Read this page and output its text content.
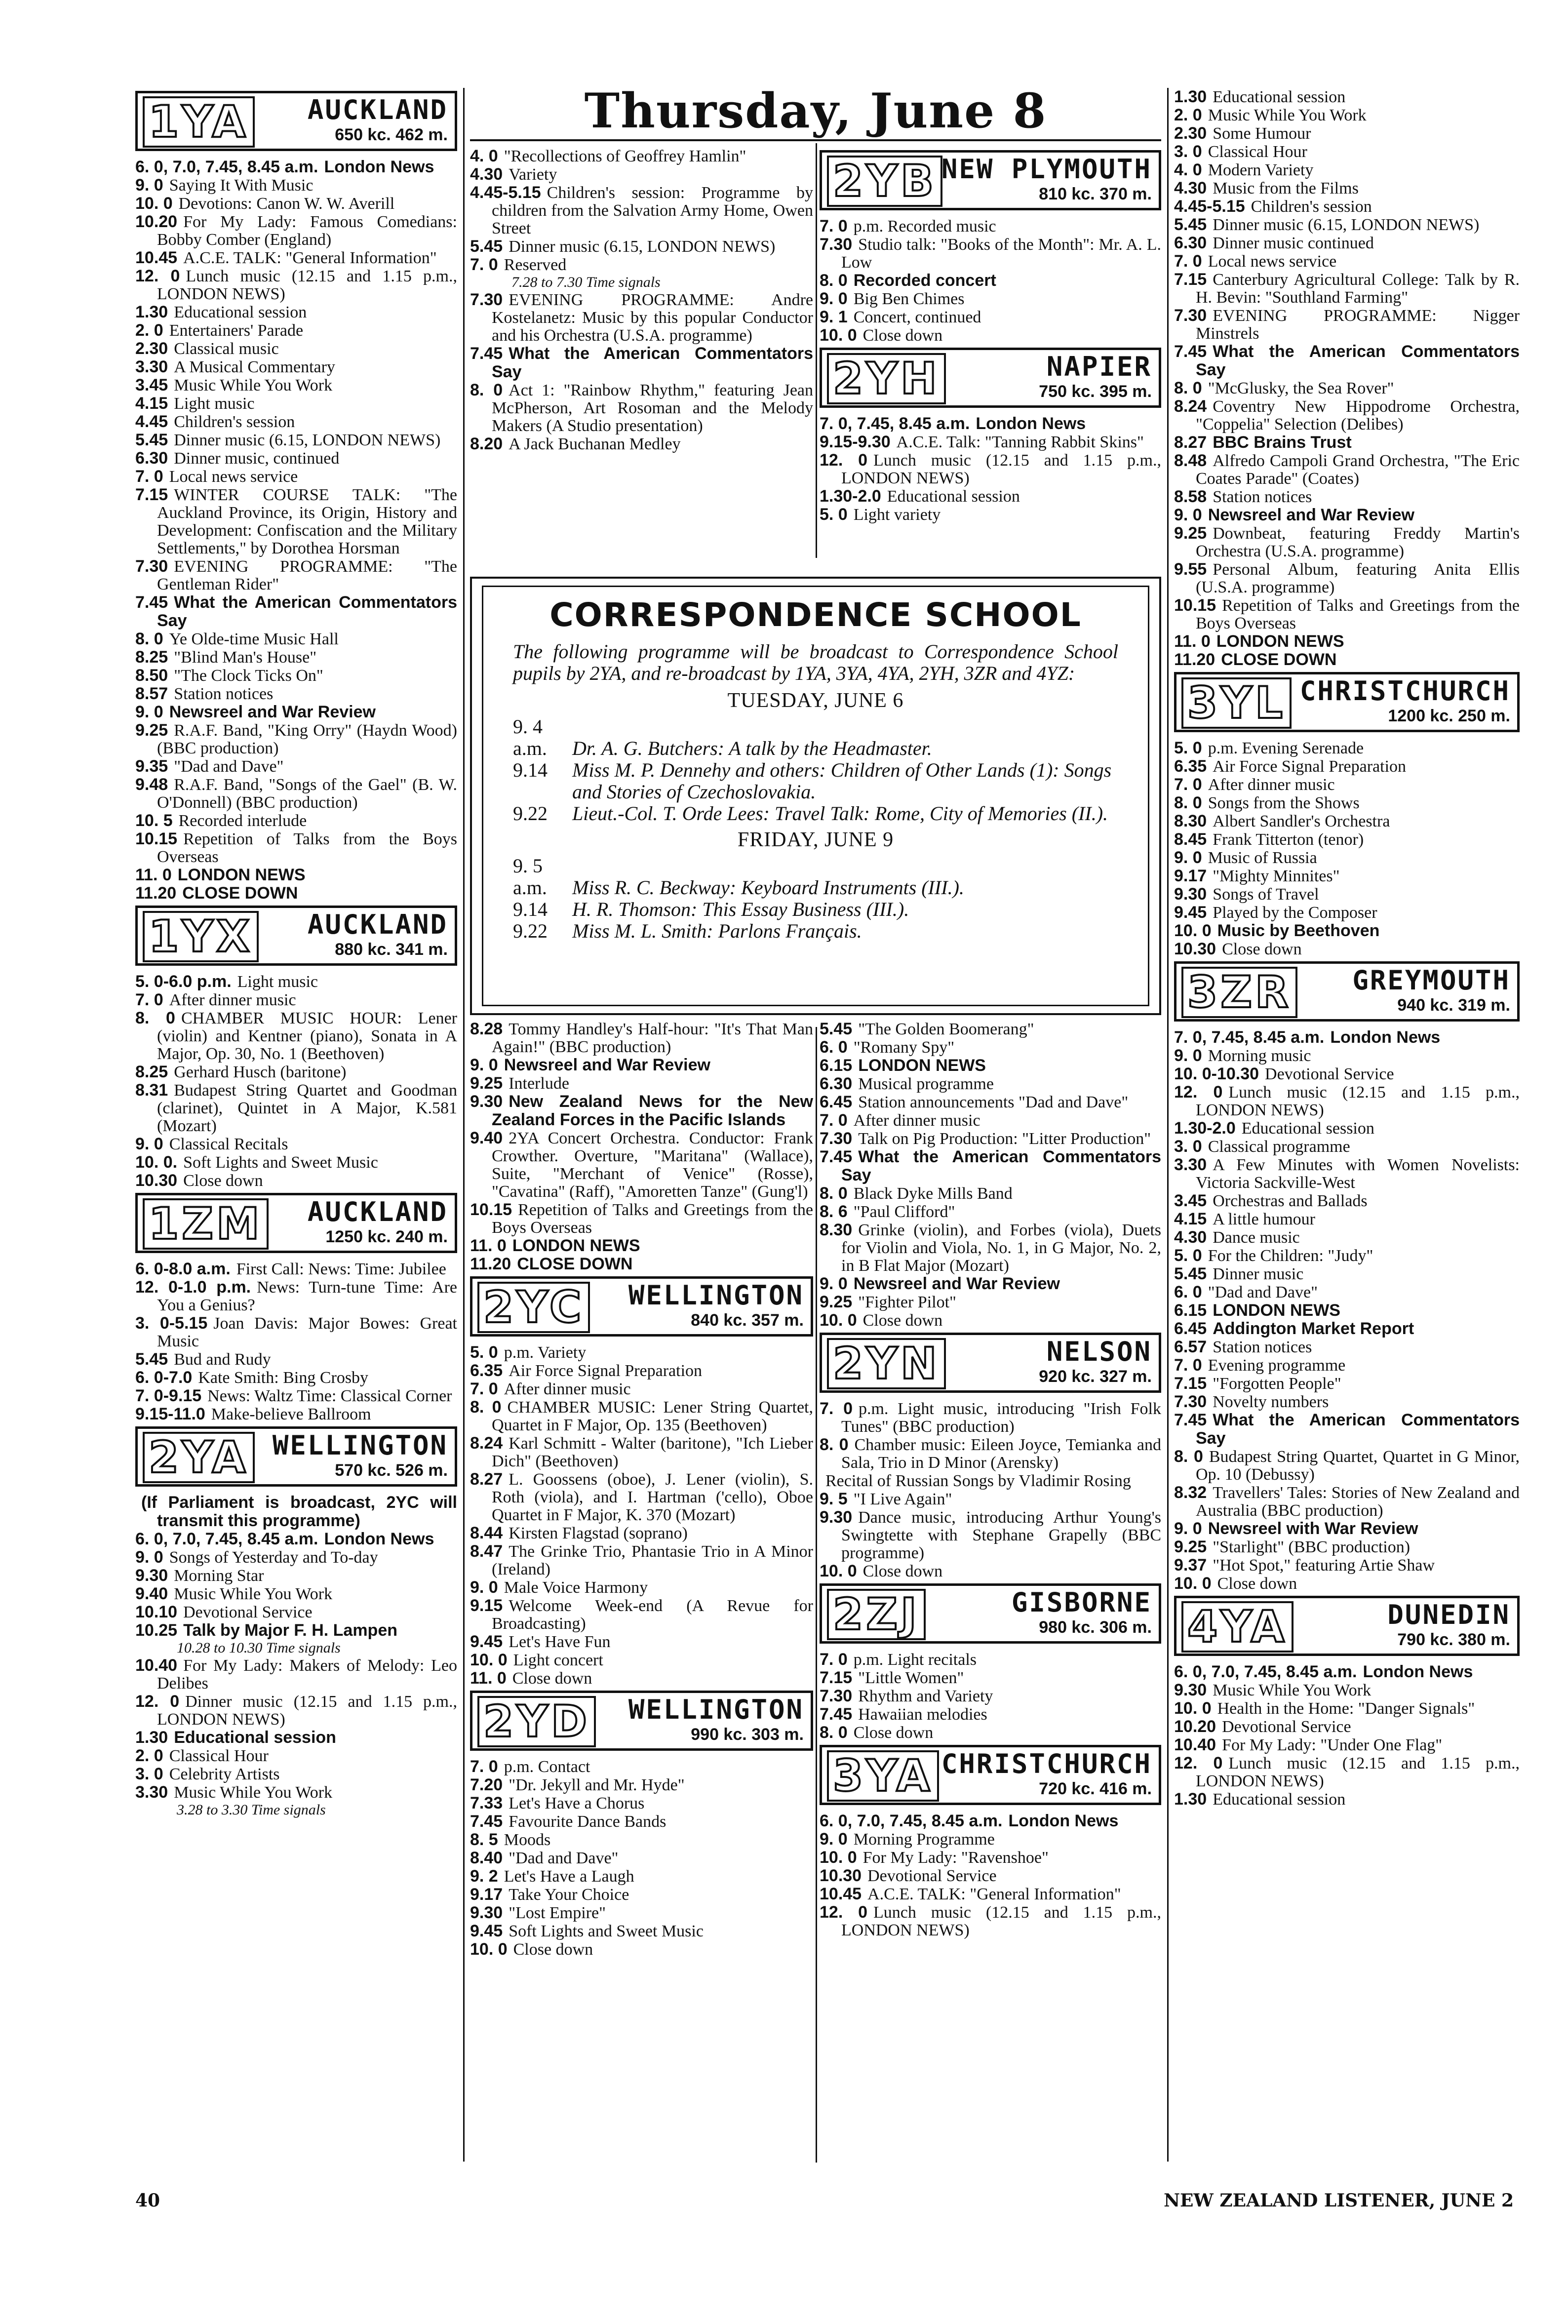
Thursday, June 8
1YA AUCKLAND
650 kc. 462 m.
6. 0, 7.0, 7.45, 8.45 a.m. London News
9. 0 Saying It With Music
10. 0 Devotions: Canon W. W. Averill
10.20 For My Lady: Famous Comedians: Bobby Comber (England)
10.45 A.C.E. TALK: "General Information"
12. 0 Lunch music (12.15 and 1.15 p.m., LONDON NEWS)
1.30 Educational session
2. 0 Entertainers' Parade
2.30 Classical music
3.30 A Musical Commentary
3.45 Music While You Work
4.15 Light music
4.45 Children's session
5.45 Dinner music (6.15, LONDON NEWS)
6.30 Dinner music, continued
7. 0 Local news service
7.15 WINTER COURSE TALK: "The Auckland Province, its Origin, History and Development: Confiscation and the Military Settlements," by Dorothea Horsman
7.30 EVENING PROGRAMME: "The Gentleman Rider"
7.45 What the American Commentators Say
8. 0 Ye Olde-time Music Hall
8.25 "Blind Man's House"
8.50 "The Clock Ticks On"
8.57 Station notices
9. 0 Newsreel and War Review
9.25 R.A.F. Band, "King Orry" (Haydn Wood) (BBC production)
9.35 "Dad and Dave"
9.48 R.A.F. Band, "Songs of the Gael" (B. W. O'Donnell) (BBC production)
10. 5 Recorded interlude
10.15 Repetition of Talks from the Boys Overseas
11. 0 LONDON NEWS
11.20 CLOSE DOWN
1YX AUCKLAND
880 kc. 341 m.
5. 0-6.0 p.m. Light music
7. 0 After dinner music
8. 0 CHAMBER MUSIC HOUR: Lener (violin) and Kentner (piano), Sonata in A Major, Op. 30, No. 1 (Beethoven)
8.25 Gerhard Husch (baritone)
8.31 Budapest String Quartet and Goodman (clarinet), Quintet in A Major, K.581 (Mozart)
9. 0 Classical Recitals
10. 0. Soft Lights and Sweet Music
10.30 Close down
1ZM AUCKLAND
1250 kc. 240 m.
6. 0-8.0 a.m. First Call: News: Time: Jubilee
12. 0-1.0 p.m. News: Turn-tune Time: Are You a Genius?
3. 0-5.15 Joan Davis: Major Bowes: Great Music
5.45 Bud and Rudy
6. 0-7.0 Kate Smith: Bing Crosby
7. 0-9.15 News: Waltz Time: Classical Corner
9.15-11.0 Make-believe Ballroom
2YA WELLINGTON
570 kc. 526 m.
(If Parliament is broadcast, 2YC will transmit this programme)
6. 0, 7.0, 7.45, 8.45 a.m. London News
9. 0 Songs of Yesterday and To-day
9.30 Morning Star
9.40 Music While You Work
10.10 Devotional Service
10.25 Talk by Major F. H. Lampen
10.28 to 10.30 Time signals
10.40 For My Lady: Makers of Melody: Leo Delibes
12. 0 Dinner music (12.15 and 1.15 p.m., LONDON NEWS)
1.30 Educational session
2. 0 Classical Hour
3. 0 Celebrity Artists
3.30 Music While You Work
3.28 to 3.30 Time signals
4. 0 "Recollections of Geoffrey Hamlin"
4.30 Variety
4.45-5.15 Children's session: Programme by children from the Salvation Army Home, Owen Street
5.45 Dinner music (6.15, LONDON NEWS)
7. 0 Reserved
7.28 to 7.30 Time signals
7.30 EVENING PROGRAMME: Andre Kostelanetz: Music by this popular Conductor and his Orchestra (U.S.A. programme)
7.45 What the American Commentators Say
8. 0 Act 1: "Rainbow Rhythm," featuring Jean McPherson, Art Rosoman and the Melody Makers (A Studio presentation)
8.20 A Jack Buchanan Medley
8.28 Tommy Handley's Half-hour: "It's That Man Again!" (BBC production)
9. 0 Newsreel and War Review
9.25 Interlude
9.30 New Zealand News for the New Zealand Forces in the Pacific Islands
9.40 2YA Concert Orchestra. Conductor: Frank Crowther. Overture, "Maritana" (Wallace), Suite, "Merchant of Venice" (Rosse), "Cavatina" (Raff), "Amoretten Tanze" (Gung'l)
10.15 Repetition of Talks and Greetings from the Boys Overseas
11. 0 LONDON NEWS
11.20 CLOSE DOWN
2YC WELLINGTON
840 kc. 357 m.
5. 0 p.m. Variety
6.35 Air Force Signal Preparation
7. 0 After dinner music
8. 0 CHAMBER MUSIC: Lener String Quartet, Quartet in F Major, Op. 135 (Beethoven)
8.24 Karl Schmitt - Walter (baritone), "Ich Lieber Dich" (Beethoven)
8.27 L. Goossens (oboe), J. Lener (violin), S. Roth (viola), and I. Hartman ('cello), Oboe Quartet in F Major, K. 370 (Mozart)
8.44 Kirsten Flagstad (soprano)
8.47 The Grinke Trio, Phantasie Trio in A Minor (Ireland)
9. 0 Male Voice Harmony
9.15 Welcome Week-end (A Revue for Broadcasting)
9.45 Let's Have Fun
10. 0 Light concert
11. 0 Close down
2YD WELLINGTON
990 kc. 303 m.
7. 0 p.m. Contact
7.20 "Dr. Jekyll and Mr. Hyde"
7.33 Let's Have a Chorus
7.45 Favourite Dance Bands
8. 5 Moods
8.40 "Dad and Dave"
9. 2 Let's Have a Laugh
9.17 Take Your Choice
9.30 "Lost Empire"
9.45 Soft Lights and Sweet Music
10. 0 Close down
2YB NEW PLYMOUTH
810 kc. 370 m.
7. 0 p.m. Recorded music
7.30 Studio talk: "Books of the Month": Mr. A. L. Low
8. 0 Recorded concert
9. 0 Big Ben Chimes
9. 1 Concert, continued
10. 0 Close down
2YH	NAPIER
750 kc. 395 m.
7. 0, 7.45, 8.45 a.m. London News
9.15-9.30 A.C.E. Talk: "Tanning Rabbit Skins"
12. 0 Lunch music (12.15 and 1.15 p.m., LONDON NEWS)
1.30-2.0 Educational session
5. 0 Light variety
5.45 "The Golden Boomerang"
6. 0 "Romany Spy"
6.15 LONDON NEWS
6.30 Musical programme
6.45 Station announcements "Dad and Dave"
7. 0 After dinner music
7.30 Talk on Pig Production: "Litter Production"
7.45 What the American Commentators Say
8. 0 Black Dyke Mills Band
8. 6 "Paul Clifford"
8.30 Grinke (violin), and Forbes (viola), Duets for Violin and Viola, No. 1, in G Major, No. 2, in B Flat Major (Mozart)
9. 0 Newsreel and War Review
9.25 "Fighter Pilot"
10. 0 Close down
2YN	NELSON
920 kc. 327 m.
7. 0 p.m. Light music, introducing "Irish Folk Tunes" (BBC production)
8. 0 Chamber music: Eileen Joyce, Temianka and Sala, Trio in D Minor (Arensky)
Recital of Russian Songs by Vladimir Rosing
9. 5 "I Live Again"
9.30 Dance music, introducing Arthur Young's Swingtette with Stephane Grapelly (BBC programme)
10. 0 Close down
2ZJ	GISBORNE
980 kc. 306 m.
7. 0 p.m. Light recitals
7.15 "Little Women"
7.30 Rhythm and Variety
7.45 Hawaiian melodies
8. 0 Close down
3YA CHRISTCHURCH
720 kc. 416 m.
6. 0, 7.0, 7.45, 8.45 a.m. London News
9. 0 Morning Programme
10. 0 For My Lady: "Ravenshoe"
10.30 Devotional Service
10.45 A.C.E. TALK: "General Information"
12. 0 Lunch music (12.15 and 1.15 p.m., LONDON NEWS)
1.30 Educational session
2. 0 Music While You Work
2.30 Some Humour
3. 0 Classical Hour
4. 0 Modern Variety
4.30 Music from the Films
4.45-5.15 Children's session
5.45 Dinner music (6.15, LONDON NEWS)
6.30 Dinner music continued
7. 0 Local news service
7.15 Canterbury Agricultural College: Talk by R. H. Bevin: "Southland Farming"
7.30 EVENING PROGRAMME: Nigger Minstrels
7.45 What the American Commentators Say
8. 0 "McGlusky, the Sea Rover"
8.24 Coventry New Hippodrome Orchestra, "Coppelia" Selection (Delibes)
8.27 BBC Brains Trust
8.48 Alfredo Campoli Grand Orchestra, "The Eric Coates Parade" (Coates)
8.58 Station notices
9. 0 Newsreel and War Review
9.25 Downbeat, featuring Freddy Martin's Orchestra (U.S.A. programme)
9.55 Personal Album, featuring Anita Ellis (U.S.A. programme)
10.15 Repetition of Talks and Greetings from the Boys Overseas
11. 0 LONDON NEWS
11.20 CLOSE DOWN
3YL CHRISTCHURCH
1200 kc. 250 m.
5. 0 p.m. Evening Serenade
6.35 Air Force Signal Preparation
7. 0 After dinner music
8. 0 Songs from the Shows
8.30 Albert Sandler's Orchestra
8.45 Frank Titterton (tenor)
9. 0 Music of Russia
9.17 "Mighty Minnites"
9.30 Songs of Travel
9.45 Played by the Composer
10. 0 Music by Beethoven
10.30 Close down
3ZR GREYMOUTH
940 kc. 319 m.
7. 0, 7.45, 8.45 a.m. London News
9. 0 Morning music
10. 0-10.30 Devotional Service
12. 0 Lunch music (12.15 and 1.15 p.m., LONDON NEWS)
1.30-2.0 Educational session
3. 0 Classical programme
3.30 A Few Minutes with Women Novelists: Victoria Sackville-West
3.45 Orchestras and Ballads
4.15 A little humour
4.30 Dance music
5. 0 For the Children: "Judy"
5.45 Dinner music
6. 0 "Dad and Dave"
6.15 LONDON NEWS
6.45 Addington Market Report
6.57 Station notices
7. 0 Evening programme
7.15 "Forgotten People"
7.30 Novelty numbers
7.45 What the American Commentators Say
8. 0 Budapest String Quartet, Quartet in G Minor, Op. 10 (Debussy)
8.32 Travellers' Tales: Stories of New Zealand and Australia (BBC production)
9. 0 Newsreel with War Review
9.25 "Starlight" (BBC production)
9.37 "Hot Spot," featuring Artie Shaw
10. 0 Close down
4YA	DUNEDIN
790 kc. 380 m.
6. 0, 7.0, 7.45, 8.45 a.m. London News
9.30 Music While You Work
10. 0 Health in the Home: "Danger Signals"
10.20 Devotional Service
10.40 For My Lady: "Under One Flag"
12. 0 Lunch music (12.15 and 1.15 p.m., LONDON NEWS)
1.30 Educational session
CORRESPONDENCE SCHOOL

The following programme will be broadcast to Correspondence School pupils by 2YA, and re-broadcast by 1YA, 3YA, 4YA, 2YH, 3ZR and 4YZ:

TUESDAY, JUNE 6

9. 4 a.m. Dr. A. G. Butchers: A talk by the Headmaster.

9.14 Miss M. P. Dennehy and others: Children of Other Lands (1): Songs and Stories of Czechoslovakia.

9.22 Lieut.-Col. T. Orde Lees: Travel Talk: Rome, City of Memories (II.).

FRIDAY, JUNE 9

9. 5 a.m. Miss R. C. Beckway: Keyboard Instruments (III.).

9.14 H. R. Thomson: This Essay Business (III.).

9.22 Miss M. L. Smith: Parlons Français.

40	NEW ZEALAND LISTENER, JUNE 2
